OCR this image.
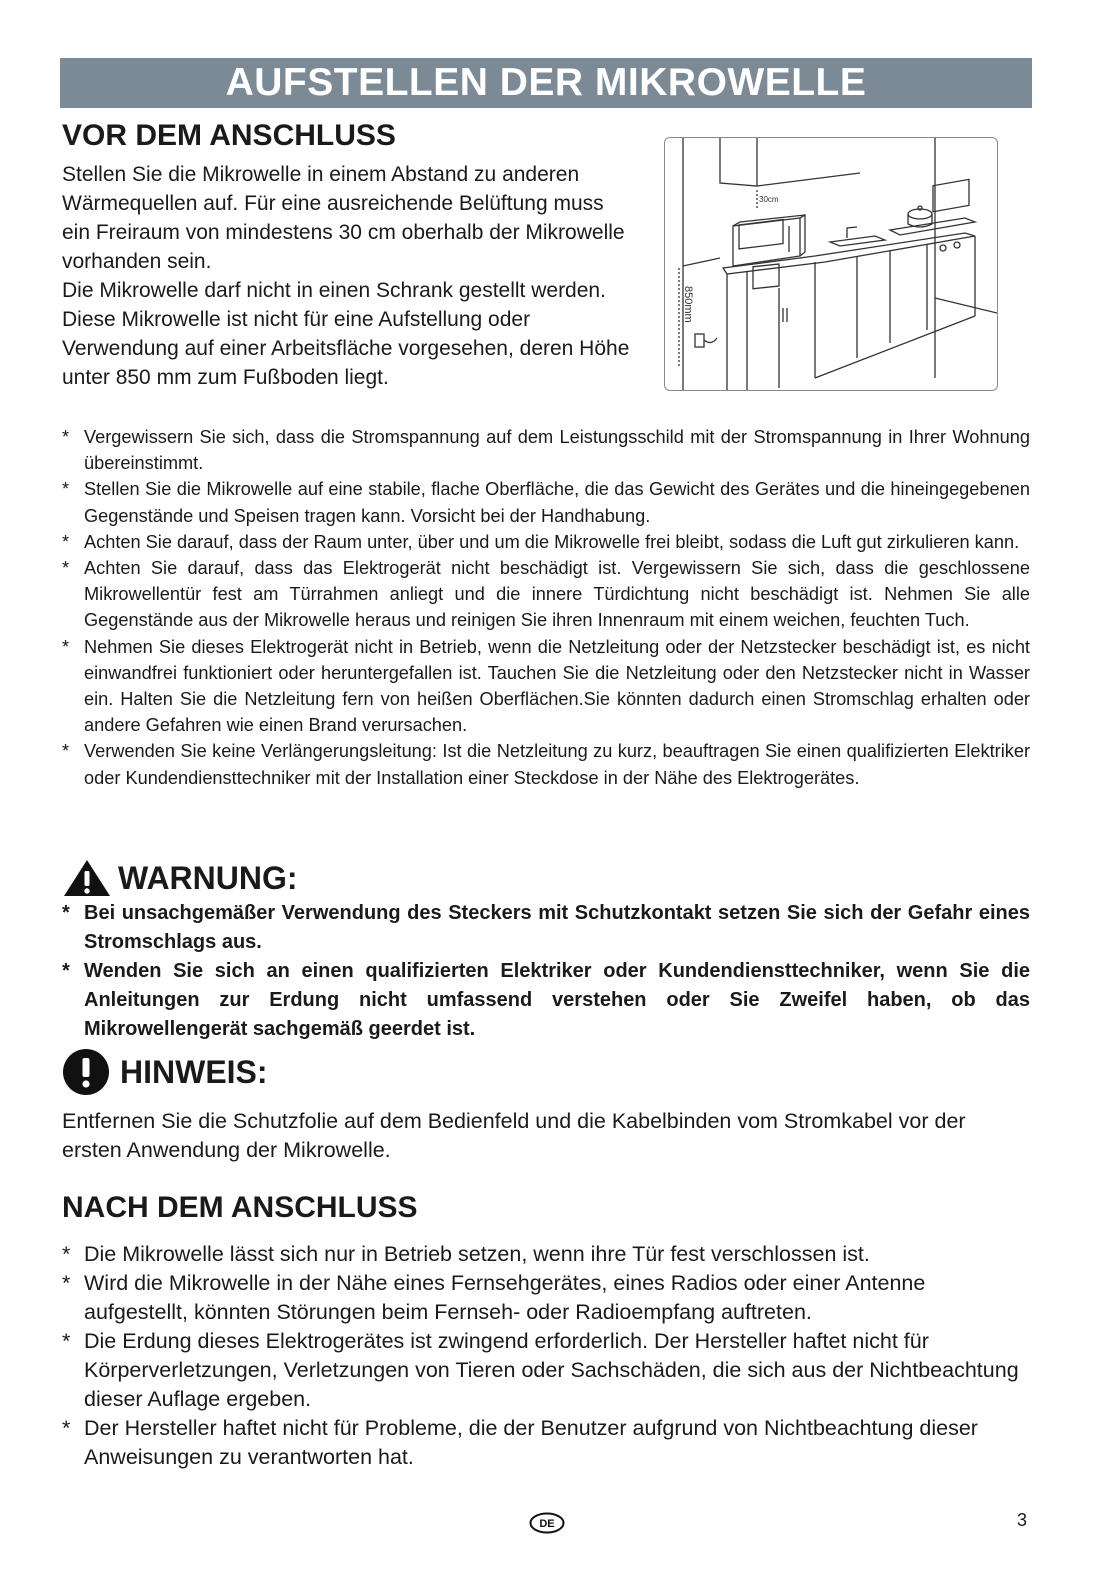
AUFSTELLEN DER MIKROWELLE
VOR DEM ANSCHLUSS

Stellen Sie die Mikrowelle in einem Abstand zu anderen Wärmequellen auf. Für eine ausreichende Belüftung muss ein Freiraum von mindestens 30 cm oberhalb der Mikrowelle vorhanden sein.

Die Mikrowelle darf nicht in einen Schrank gestellt werden. Diese Mikrowelle ist nicht für eine Aufstellung oder Verwendung auf einer Arbeitsfläche vorgesehen, deren Höhe unter 850 mm zum Fußboden liegt.

30cm
850mm
* Vergewissern Sie sich, dass die Stromspannung auf dem Leistungsschild mit der Stromspannung in Ihrer Wohnung übereinstimmt.
* Stellen Sie die Mikrowelle auf eine stabile, flache Oberfläche, die das Gewicht des Gerätes und die hineingegebenen Gegenstände und Speisen tragen kann. Vorsicht bei der Handhabung.
* Achten Sie darauf, dass der Raum unter, über und um die Mikrowelle frei bleibt, sodass die Luft gut zirkulieren kann.
* Achten Sie darauf, dass das Elektrogerät nicht beschädigt ist. Vergewissern Sie sich, dass die geschlossene Mikrowellentür fest am Türrahmen anliegt und die innere Türdichtung nicht beschädigt ist. Nehmen Sie alle Gegenstände aus der Mikrowelle heraus und reinigen Sie ihren Innenraum mit einem weichen, feuchten Tuch.
* Nehmen Sie dieses Elektrogerät nicht in Betrieb, wenn die Netzleitung oder der Netzstecker beschädigt ist, es nicht einwandfrei funktioniert oder heruntergefallen ist. Tauchen Sie die Netzleitung oder den Netzstecker nicht in Wasser ein. Halten Sie die Netzleitung fern von heißen Oberflächen.Sie könnten dadurch einen Stromschlag erhalten oder andere Gefahren wie einen Brand verursachen.
* Verwenden Sie keine Verlängerungsleitung: Ist die Netzleitung zu kurz, beauftragen Sie einen qualifizierten Elektriker oder Kundendiensttechniker mit der Installation einer Steckdose in der Nähe des Elektrogerätes.
WARNUNG:
* Bei unsachgemäßer Verwendung des Steckers mit Schutzkontakt setzen Sie sich der Gefahr eines Stromschlags aus.
* Wenden Sie sich an einen qualifizierten Elektriker oder Kundendiensttechniker, wenn Sie die Anleitungen zur Erdung nicht umfassend verstehen oder Sie Zweifel haben, ob das Mikrowellengerät sachgemäß geerdet ist.
HINWEIS:

Entfernen Sie die Schutzfolie auf dem Bedienfeld und die Kabelbinden vom Stromkabel vor der ersten Anwendung der Mikrowelle.

NACH DEM ANSCHLUSS
* Die Mikrowelle lässt sich nur in Betrieb setzen, wenn ihre Tür fest verschlossen ist.
* Wird die Mikrowelle in der Nähe eines Fernsehgerätes, eines Radios oder einer Antenne aufgestellt, könnten Störungen beim Fernseh- oder Radioempfang auftreten.
* Die Erdung dieses Elektrogerätes ist zwingend erforderlich. Der Hersteller haftet nicht für Körperverletzungen, Verletzungen von Tieren oder Sachschäden, die sich aus der Nichtbeachtung dieser Auflage ergeben.
* Der Hersteller haftet nicht für Probleme, die der Benutzer aufgrund von Nichtbeachtung dieser Anweisungen zu verantworten hat.
DE	3
